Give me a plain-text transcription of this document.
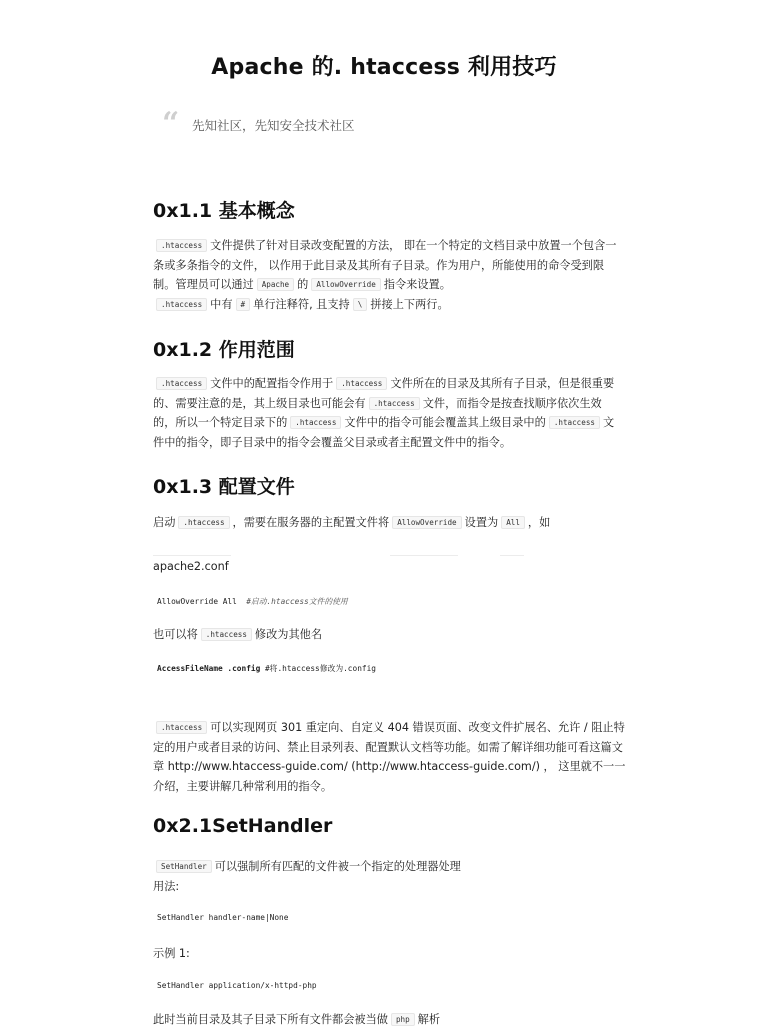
Apache 的. htaccess 利用技巧
“ 先知社区，先知安全技术社区
0x1.1 基本概念
.htaccess 文件提供了针对目录改变配置的方法， 即在一个特定的文档目录中放置一个包含一
条或多条指令的文件， 以作用于此目录及其所有子目录。作为用户，所能使用的命令受到限
制。管理员可以通过 Apache 的 AllowOverride 指令来设置。
.htaccess 中有 # 单行注释符, 且支持 \ 拼接上下两行。
0x1.2 作用范围
.htaccess 文件中的配置指令作用于 .htaccess 文件所在的目录及其所有子目录，但是很重要
的、需要注意的是，其上级目录也可能会有 .htaccess 文件，而指令是按查找顺序依次生效
的，所以一个特定目录下的 .htaccess 文件中的指令可能会覆盖其上级目录中的 .htaccess 文
件中的指令，即子目录中的指令会覆盖父目录或者主配置文件中的指令。
0x1.3 配置文件
启动 .htaccess ，需要在服务器的主配置文件将 AllowOverride 设置为 All ，如
apache2.conf
AllowOverride All #启动.htaccess文件的使用
也可以将 .htaccess 修改为其他名
AccessFileName .config #将.htaccess修改为.config
.htaccess 可以实现网页 301 重定向、自定义 404 错误页面、改变文件扩展名、允许 / 阻止特
定的用户或者目录的访问、禁止目录列表、配置默认文档等功能。如需了解详细功能可看这篇文
章 http://www.htaccess-guide.com/ (http://www.htaccess-guide.com/) ， 这里就不一一
介绍，主要讲解几种常利用的指令。
0x2.1SetHandler
SetHandler 可以强制所有匹配的文件被一个指定的处理器处理
用法:
SetHandler handler-name|None
示例 1:
SetHandler application/x-httpd-php
此时当前目录及其子目录下所有文件都会被当做 php 解析
